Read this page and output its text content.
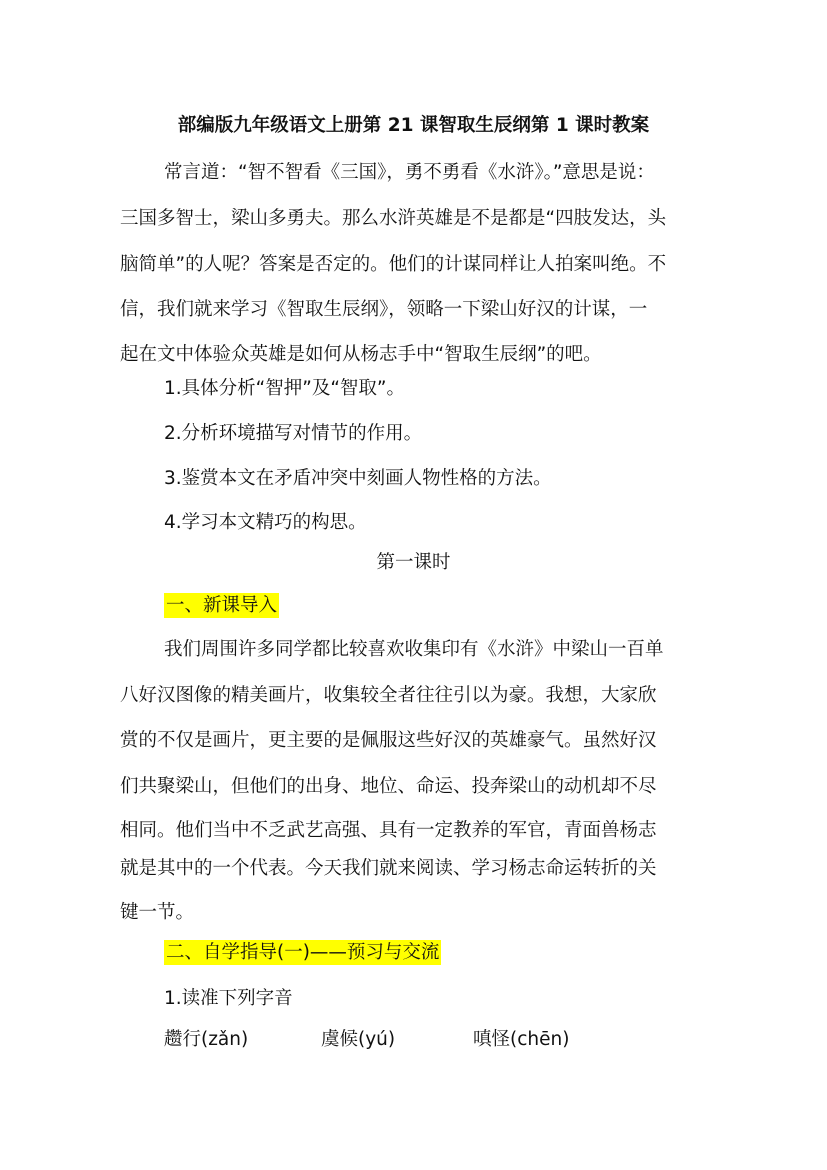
部编版九年级语文上册第 21 课智取生辰纲第 1 课时教案
常言道：“智不智看《三国》，勇不勇看《水浒》。”意思是说：
三国多智士，梁山多勇夫。那么水浒英雄是不是都是“四肢发达，头
脑简单”的人呢？答案是否定的。他们的计谋同样让人拍案叫绝。不
信，我们就来学习《智取生辰纲》，领略一下梁山好汉的计谋，一
起在文中体验众英雄是如何从杨志手中“智取生辰纲”的吧。
1.具体分析“智押”及“智取”。
2.分析环境描写对情节的作用。
3.鉴赏本文在矛盾冲突中刻画人物性格的方法。
4.学习本文精巧的构思。
第一课时
一、新课导入
我们周围许多同学都比较喜欢收集印有《水浒》中梁山一百单
八好汉图像的精美画片，收集较全者往往引以为豪。我想，大家欣
赏的不仅是画片，更主要的是佩服这些好汉的英雄豪气。虽然好汉
们共聚梁山，但他们的出身、地位、命运、投奔梁山的动机却不尽
相同。他们当中不乏武艺高强、具有一定教养的军官，青面兽杨志
就是其中的一个代表。今天我们就来阅读、学习杨志命运转折的关
键一节。
二、自学指导(一)——预习与交流
1.读准下列字音
趱行(zǎn)	虞候(yú)	嗔怪(chēn)
